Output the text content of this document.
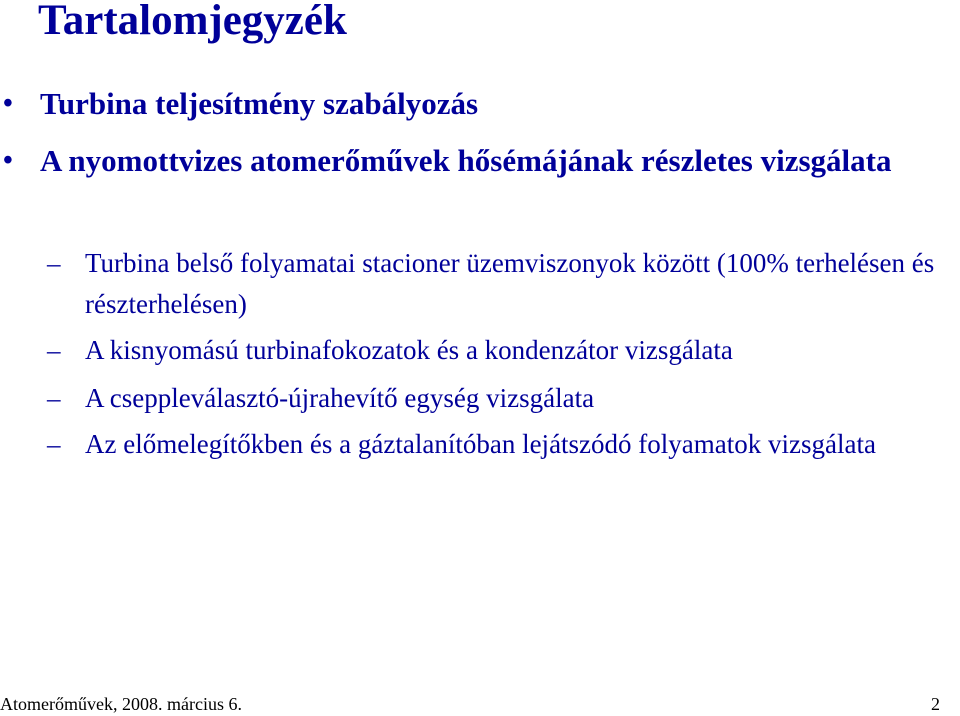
Tartalomjegyzék
• Turbina teljesítmény szabályozás
• A nyomottvizes atomerőművek hősémájának részletes vizsgálata
– Turbina belső folyamatai stacioner üzemviszonyok között (100% terhelésen és részterhelésen)
– A kisnyomású turbinafokozatok és a kondenzátor vizsgálata
– A cseppleválasztó-újrahevítő egység vizsgálata
– Az előmelegítőkben és a gáztalanítóban lejátszódó folyamatok vizsgálata
Atomerőművek, 2008. március 6.	2
